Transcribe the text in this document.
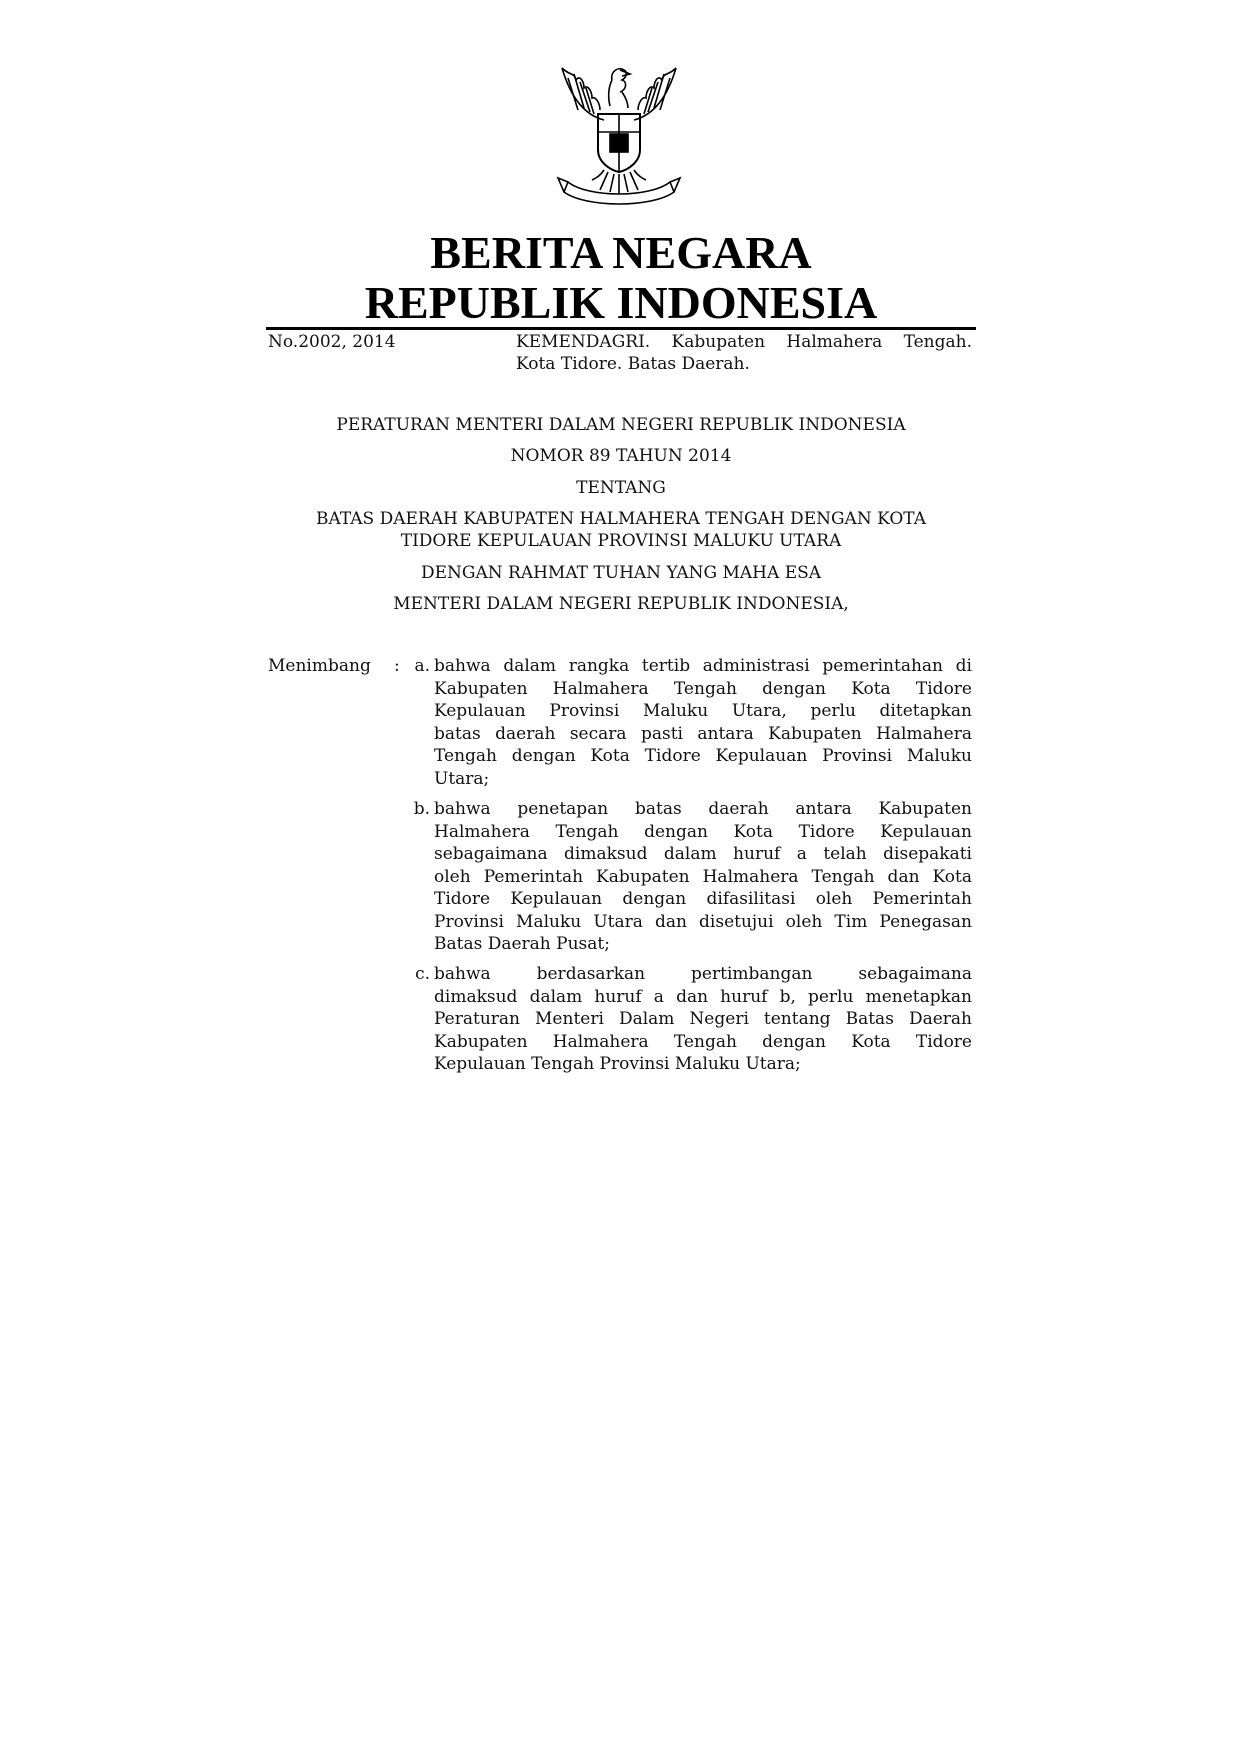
BERITA NEGARA
REPUBLIK INDONESIA
No.2002, 2014	KEMENDAGRI. Kabupaten Halmahera Tengah.
Kota Tidore. Batas Daerah.
PERATURAN MENTERI DALAM NEGERI REPUBLIK INDONESIA
NOMOR 89 TAHUN 2014
TENTANG
BATAS DAERAH KABUPATEN HALMAHERA TENGAH DENGAN KOTA
TIDORE KEPULAUAN PROVINSI MALUKU UTARA
DENGAN RAHMAT TUHAN YANG MAHA ESA
MENTERI DALAM NEGERI REPUBLIK INDONESIA,
Menimbang : a. bahwa dalam rangka tertib administrasi pemerintahan di
Kabupaten Halmahera Tengah dengan Kota Tidore
Kepulauan Provinsi Maluku Utara, perlu ditetapkan
batas daerah secara pasti antara Kabupaten Halmahera
Tengah dengan Kota Tidore Kepulauan Provinsi Maluku
Utara;
b. bahwa penetapan batas daerah antara Kabupaten
Halmahera Tengah dengan Kota Tidore Kepulauan
sebagaimana dimaksud dalam huruf a telah disepakati
oleh Pemerintah Kabupaten Halmahera Tengah dan Kota
Tidore Kepulauan dengan difasilitasi oleh Pemerintah
Provinsi Maluku Utara dan disetujui oleh Tim Penegasan
Batas Daerah Pusat;
c. bahwa berdasarkan pertimbangan sebagaimana
dimaksud dalam huruf a dan huruf b, perlu menetapkan
Peraturan Menteri Dalam Negeri tentang Batas Daerah
Kabupaten Halmahera Tengah dengan Kota Tidore
Kepulauan Tengah Provinsi Maluku Utara;
